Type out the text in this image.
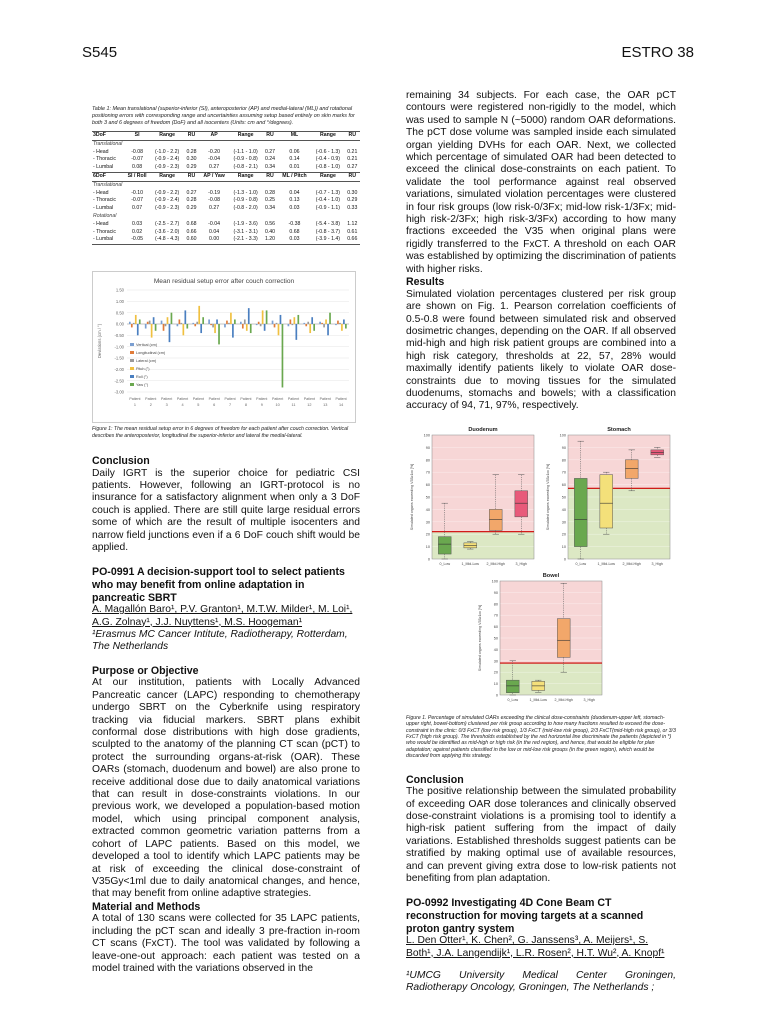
S545	ESTRO 38
Table 1: Mean translational (superior-inferior (SI), anteroposterior (AP) and medial-lateral (ML)) and rotational positioning errors with corresponding range and uncertainties assuming setup based entirely on skin marks for both 3 and 6 degrees of freedom (DoF) and all isocenters (Units: cm and °/degrees).
3DoF	SI	Range	RU	AP	Range	RU	ML	Range	RU
Translational									
- Head	-0.08	(-1.0 - 2.2)	0.28	-0.20	(-1.1 - 1.0)	0.27	0.06	(-0.6 - 1.3)	0.21
- Thoracic	-0.07	(-0.9 - 2.4)	0.30	-0.04	(-0.9 - 0.8)	0.24	0.14	(-0.4 - 0.9)	0.21
- Lumbal	0.08	(-0.9 - 2.3)	0.29	0.27	(-0.8 - 2.1)	0.34	0.01	(-0.8 - 1.0)	0.27
6DoF	SI / Roll	Range	RU	AP / Yaw	Range	RU	ML / Pitch	Range	RU
Translational									
- Head	-0.10	(-0.9 - 2.2)	0.27	-0.19	(-1.3 - 1.0)	0.28	0.04	(-0.7 - 1.3)	0.30
- Thoracic	-0.07	(-0.9 - 2.4)	0.28	-0.08	(-0.9 - 0.8)	0.25	0.13	(-0.4 - 1.0)	0.29
- Lumbal	0.07	(-0.9 - 2.3)	0.29	0.27	(-0.8 - 2.0)	0.34	0.03	(-0.9 - 1.1)	0.33
Rotational									
- Head	0.03	(-2.5 - 2.7)	0.68	-0.04	(-1.9 - 3.6)	0.56	-0.38	(-5.4 - 3.8)	1.12
- Thoracic	0.02	(-3.6 - 2.0)	0.66	0.04	(-3.1 - 3.1)	0.40	0.68	(-0.8 - 3.7)	0.61
- Lumbal	-0.05	(-4.8 - 4.3)	0.60	0.00	(-2.1 - 3.3)	1.20	0.03	(-3.9 - 1.4)	0.66
Mean residual setup error after couch correction
1.50
1.00
0.50
0.00
-0.50
-1.00
-1.50
-2.00
-2.50
-3.00
Deviations (cm / °)
Patient
1
Patient
2
Patient
3
Patient
4
Patient
5
Patient
6
Patient
7
Patient
8
Patient
9
Patient
10
Patient
11
Patient
12
Patient
13
Patient
14
Vertical (cm)
Longitudinal (cm)
Lateral (cm)
Pitch (°)
Roll (°)
Yaw (°)
Figure 1: The mean residual setup error in 6 degrees of freedom for each patient after couch correction. Vertical describes the anteroposterior, longitudinal the superior-inferior and lateral the medial-lateral.
Conclusion

Daily IGRT is the superior choice for pediatric CSI patients. However, following an IGRT-protocol is no insurance for a satisfactory alignment when only a 3 DoF couch is applied. There are still quite large residual errors some of which are the result of multiple isocenters and narrow field junctions even if a 6 DoF couch shift would be applied.

PO-0991 A decision-support tool to select patients who may benefit from online adaptation in pancreatic SBRT

A. Magallón Baro¹, P.V. Granton¹, M.T.W. Milder¹, M. Loi¹, A.G. Zolnay¹, J.J. Nuyttens¹, M.S. Hoogeman¹

¹Erasmus MC Cancer Intitute, Radiotherapy, Rotterdam, The Netherlands

Purpose or Objective

At our institution, patients with Locally Advanced Pancreatic cancer (LAPC) responding to chemotherapy undergo SBRT on the Cyberknife using respiratory tracking via fiducial markers. SBRT plans exhibit conformal dose distributions with high dose gradients, sculpted to the anatomy of the planning CT scan (pCT) to protect the surrounding organs-at-risk (OAR). These OARs (stomach, duodenum and bowel) are also prone to receive additional dose due to daily anatomical variations that can result in dose-constraints violations. In our previous work, we developed a population-based motion model, which using principal component analysis, extracted common geometric variation patterns from a cohort of LAPC patients. Based on this model, we developed a tool to identify which LAPC patients may be at risk of exceeding the clinical dose-constraint of V35Gy<1ml due to daily anatomical changes, and hence, that may benefit from online adaptive strategies.

Material and Methods

A total of 130 scans were collected for 35 LAPC patients, including the pCT scan and ideally 3 pre-fraction in-room CT scans (FxCT). The tool was validated by following a leave-one-out approach: each patient was tested on a model trained with the variations observed in the

remaining 34 subjects. For each case, the OAR pCT contours were registered non-rigidly to the model, which was used to sample N (~5000) random OAR deformations. The pCT dose volume was sampled inside each simulated organ yielding DVHs for each OAR. Next, we collected which percentage of simulated OAR had been detected to exceed the clinical dose-constraints on each patient. To validate the tool performance against real observed variations, simulated violation percentages were clustered in four risk groups (low risk-0/3Fx; mid-low risk-1/3Fx; mid-high risk-2/3Fx; high risk-3/3Fx) according to how many fractions exceeded the V35 when original plans were rigidly transferred to the FxCT. A threshold on each OAR was established by optimizing the discrimination of patients with higher risks.

Results

Simulated violation percentages clustered per risk group are shown on Fig. 1. Pearson correlation coefficients of 0.5-0.8 were found between simulated risk and observed dosimetric changes, depending on the OAR. If all observed mid-high and high risk patient groups are combined into a high risk category, thresholds at 22, 57, 28% would maximally identify patients likely to violate OAR dose-constraints due to moving tissues for the simulated duodenums, stomachs and bowels; with a classification accuracy of 94, 71, 97%, respectively.

Duodenum
100
90
80
70
60
50
40
30
20
10
0
Simulated organs exceeding V35≥1cc [%]
0_Low	1_Mid-Low 2_Mid-High	3_High
Stomach
100
90
80
70
60
50
40
30
20
10
0
Simulated organs exceeding V35≥1cc [%]
0_Low	1_Mid-Low 2_Mid-High	3_High
Bowel
100
90
80
70
60
50
40
30
20
10
0
Simulated organs exceeding V35≥1cc [%]
0_Low	1_Mid-Low 2_Mid-High	3_High
Figure 1. Percentage of simulated OARs exceeding the clinical dose-constraints (duodenum-upper left, stomach-upper right, bowel-bottom) clustered per risk group according to how many fractions resulted to exceed the dose-constraint in the clinic: 0/3 FxCT (low risk group), 1/3 FxCT (mid-low risk group), 2/3 FxCT(mid-high risk group), or 3/3 FxCT (high risk group). The thresholds established by the red horizontal line discriminate the patients (depicted in *) who would be identified as mid-high or high risk (in the red region), and hence, that would be eligible for plan adaptation; against patients classified in the low or mid-low risk groups (in the green region), which would be discarded from applying this strategy.
Conclusion

The positive relationship between the simulated probability of exceeding OAR dose tolerances and clinically observed dose-constraint violations is a promising tool to identify a high-risk patient suffering from the impact of daily variations. Established thresholds suggest patients can be stratified by making optimal use of available resources, and can prevent giving extra dose to low-risk patients not benefiting from plan adaptation.

PO-0992 Investigating 4D Cone Beam CT reconstruction for moving targets at a scanned proton gantry system

L. Den Otter¹, K. Chen², G. Janssens³, A. Meijers¹, S. Both¹, J.A. Langendijk¹, L.R. Rosen², H.T. Wu², A. Knopf¹

¹UMCG University Medical Center Groningen, Radiotherapy Oncology, Groningen, The Netherlands ;
